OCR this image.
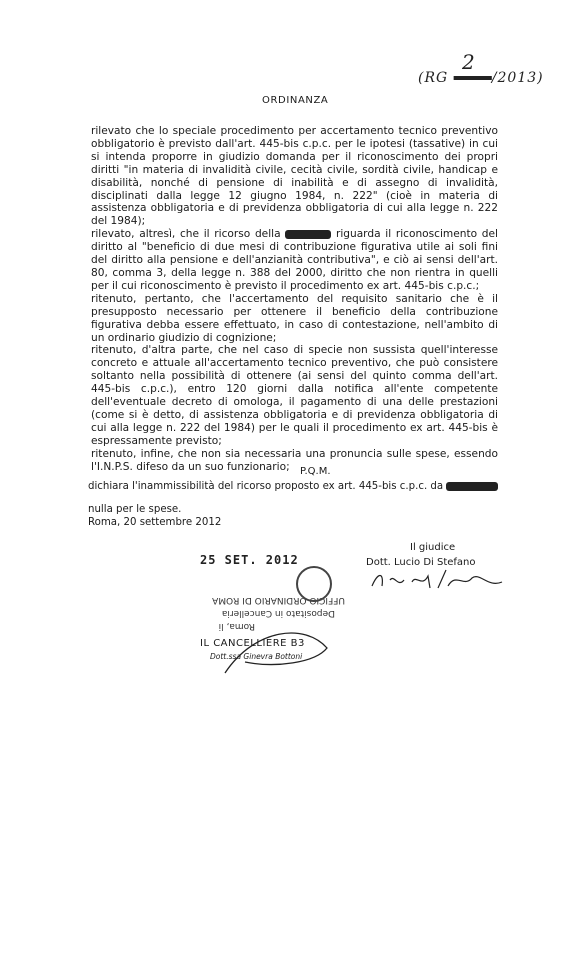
(RG	/2013)
2
ORDINANZA
rilevato che lo speciale procedimento per accertamento tecnico preventivo obbligatorio è previsto dall'art. 445-bis c.p.c. per le ipotesi (tassative) in cui si intenda proporre in giudizio domanda per il riconoscimento dei propri diritti "in materia di invalidità civile, cecità civile, sordità civile, handicap e disabilità, nonché di pensione di inabilità e di assegno di invalidità, disciplinati dalla legge 12 giugno 1984, n. 222" (cioè in materia di assistenza obbligatoria e di previdenza obbligatoria di cui alla legge n. 222 del 1984);
rilevato, altresì, che il ricorso della	riguarda il riconoscimento del diritto al "beneficio di due mesi di contribuzione figurativa utile ai soli fini del diritto alla pensione e dell'anzianità contributiva", e ciò ai sensi dell'art. 80, comma 3, della legge n. 388 del 2000, diritto che non rientra in quelli per il cui riconoscimento è previsto il procedimento ex art. 445-bis c.p.c.;
ritenuto, pertanto, che l'accertamento del requisito sanitario che è il presupposto necessario per ottenere il beneficio della contribuzione figurativa debba essere effettuato, in caso di contestazione, nell'ambito di un ordinario giudizio di cognizione;
ritenuto, d'altra parte, che nel caso di specie non sussista quell'interesse concreto e attuale all'accertamento tecnico preventivo, che può consistere soltanto nella possibilità di ottenere (ai sensi del quinto comma dell'art. 445-bis c.p.c.), entro 120 giorni dalla notifica all'ente competente dell'eventuale decreto di omologa, il pagamento di una delle prestazioni (come si è detto, di assistenza obbligatoria e di previdenza obbligatoria di cui alla legge n. 222 del 1984) per le quali il procedimento ex art. 445-bis è espressamente previsto;
ritenuto, infine, che non sia necessaria una pronuncia sulle spese, essendo l'I.N.P.S. difeso da un suo funzionario;	P.Q.M.
dichiara l'inammissibilità del ricorso proposto ex art. 445-bis c.p.c. da
nulla per le spese.
Roma, 20 settembre 2012
25 SET. 2012
Roma, li
Depositato in Cancelleria
UFFICIO ORDINARIO DI ROMA
IL CANCELLIERE B3
Dott.ssa Ginevra Bottoni
Il giudice
Dott. Lucio Di Stefano
